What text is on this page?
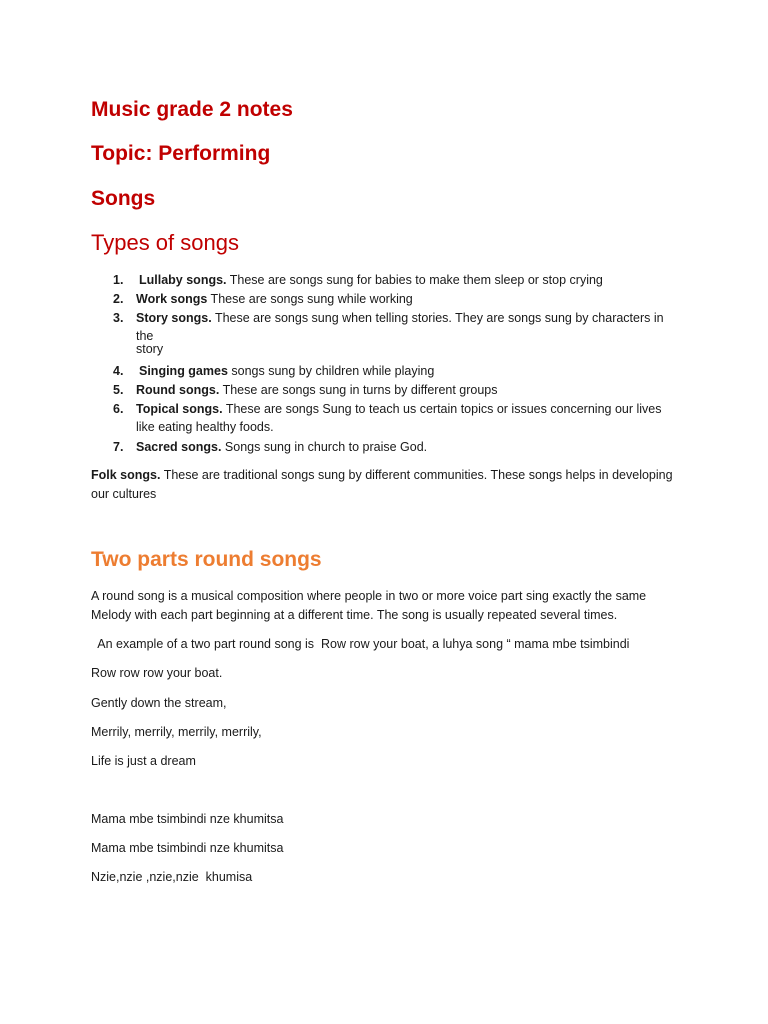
Music grade 2 notes
Topic: Performing
Songs
Types of songs
1. Lullaby songs. These are songs sung for babies to make them sleep or stop crying
2. Work songs These are songs sung while working
3. Story songs. These are songs sung when telling stories. They are songs sung by characters in the
story
4. Singing games songs sung by children while playing
5. Round songs. These are songs sung in turns by different groups
6. Topical songs. These are songs Sung to teach us certain topics or issues concerning our lives like eating healthy foods.
7. Sacred songs. Songs sung in church to praise God.

Folk songs. These are traditional songs sung by different communities. These songs helps in developing our cultures

Two parts round songs

A round song is a musical composition where people in two or more voice part sing exactly the same Melody with each part beginning at a different time. The song is usually repeated several times.

An example of a two part round song is  Row row your boat, a luhya song “ mama mbe tsimbindi

Row row row your boat.

Gently down the stream,

Merrily, merrily, merrily, merrily,

Life is just a dream

Mama mbe tsimbindi nze khumitsa

Mama mbe tsimbindi nze khumitsa

Nzie,nzie ,nzie,nzie  khumisa
